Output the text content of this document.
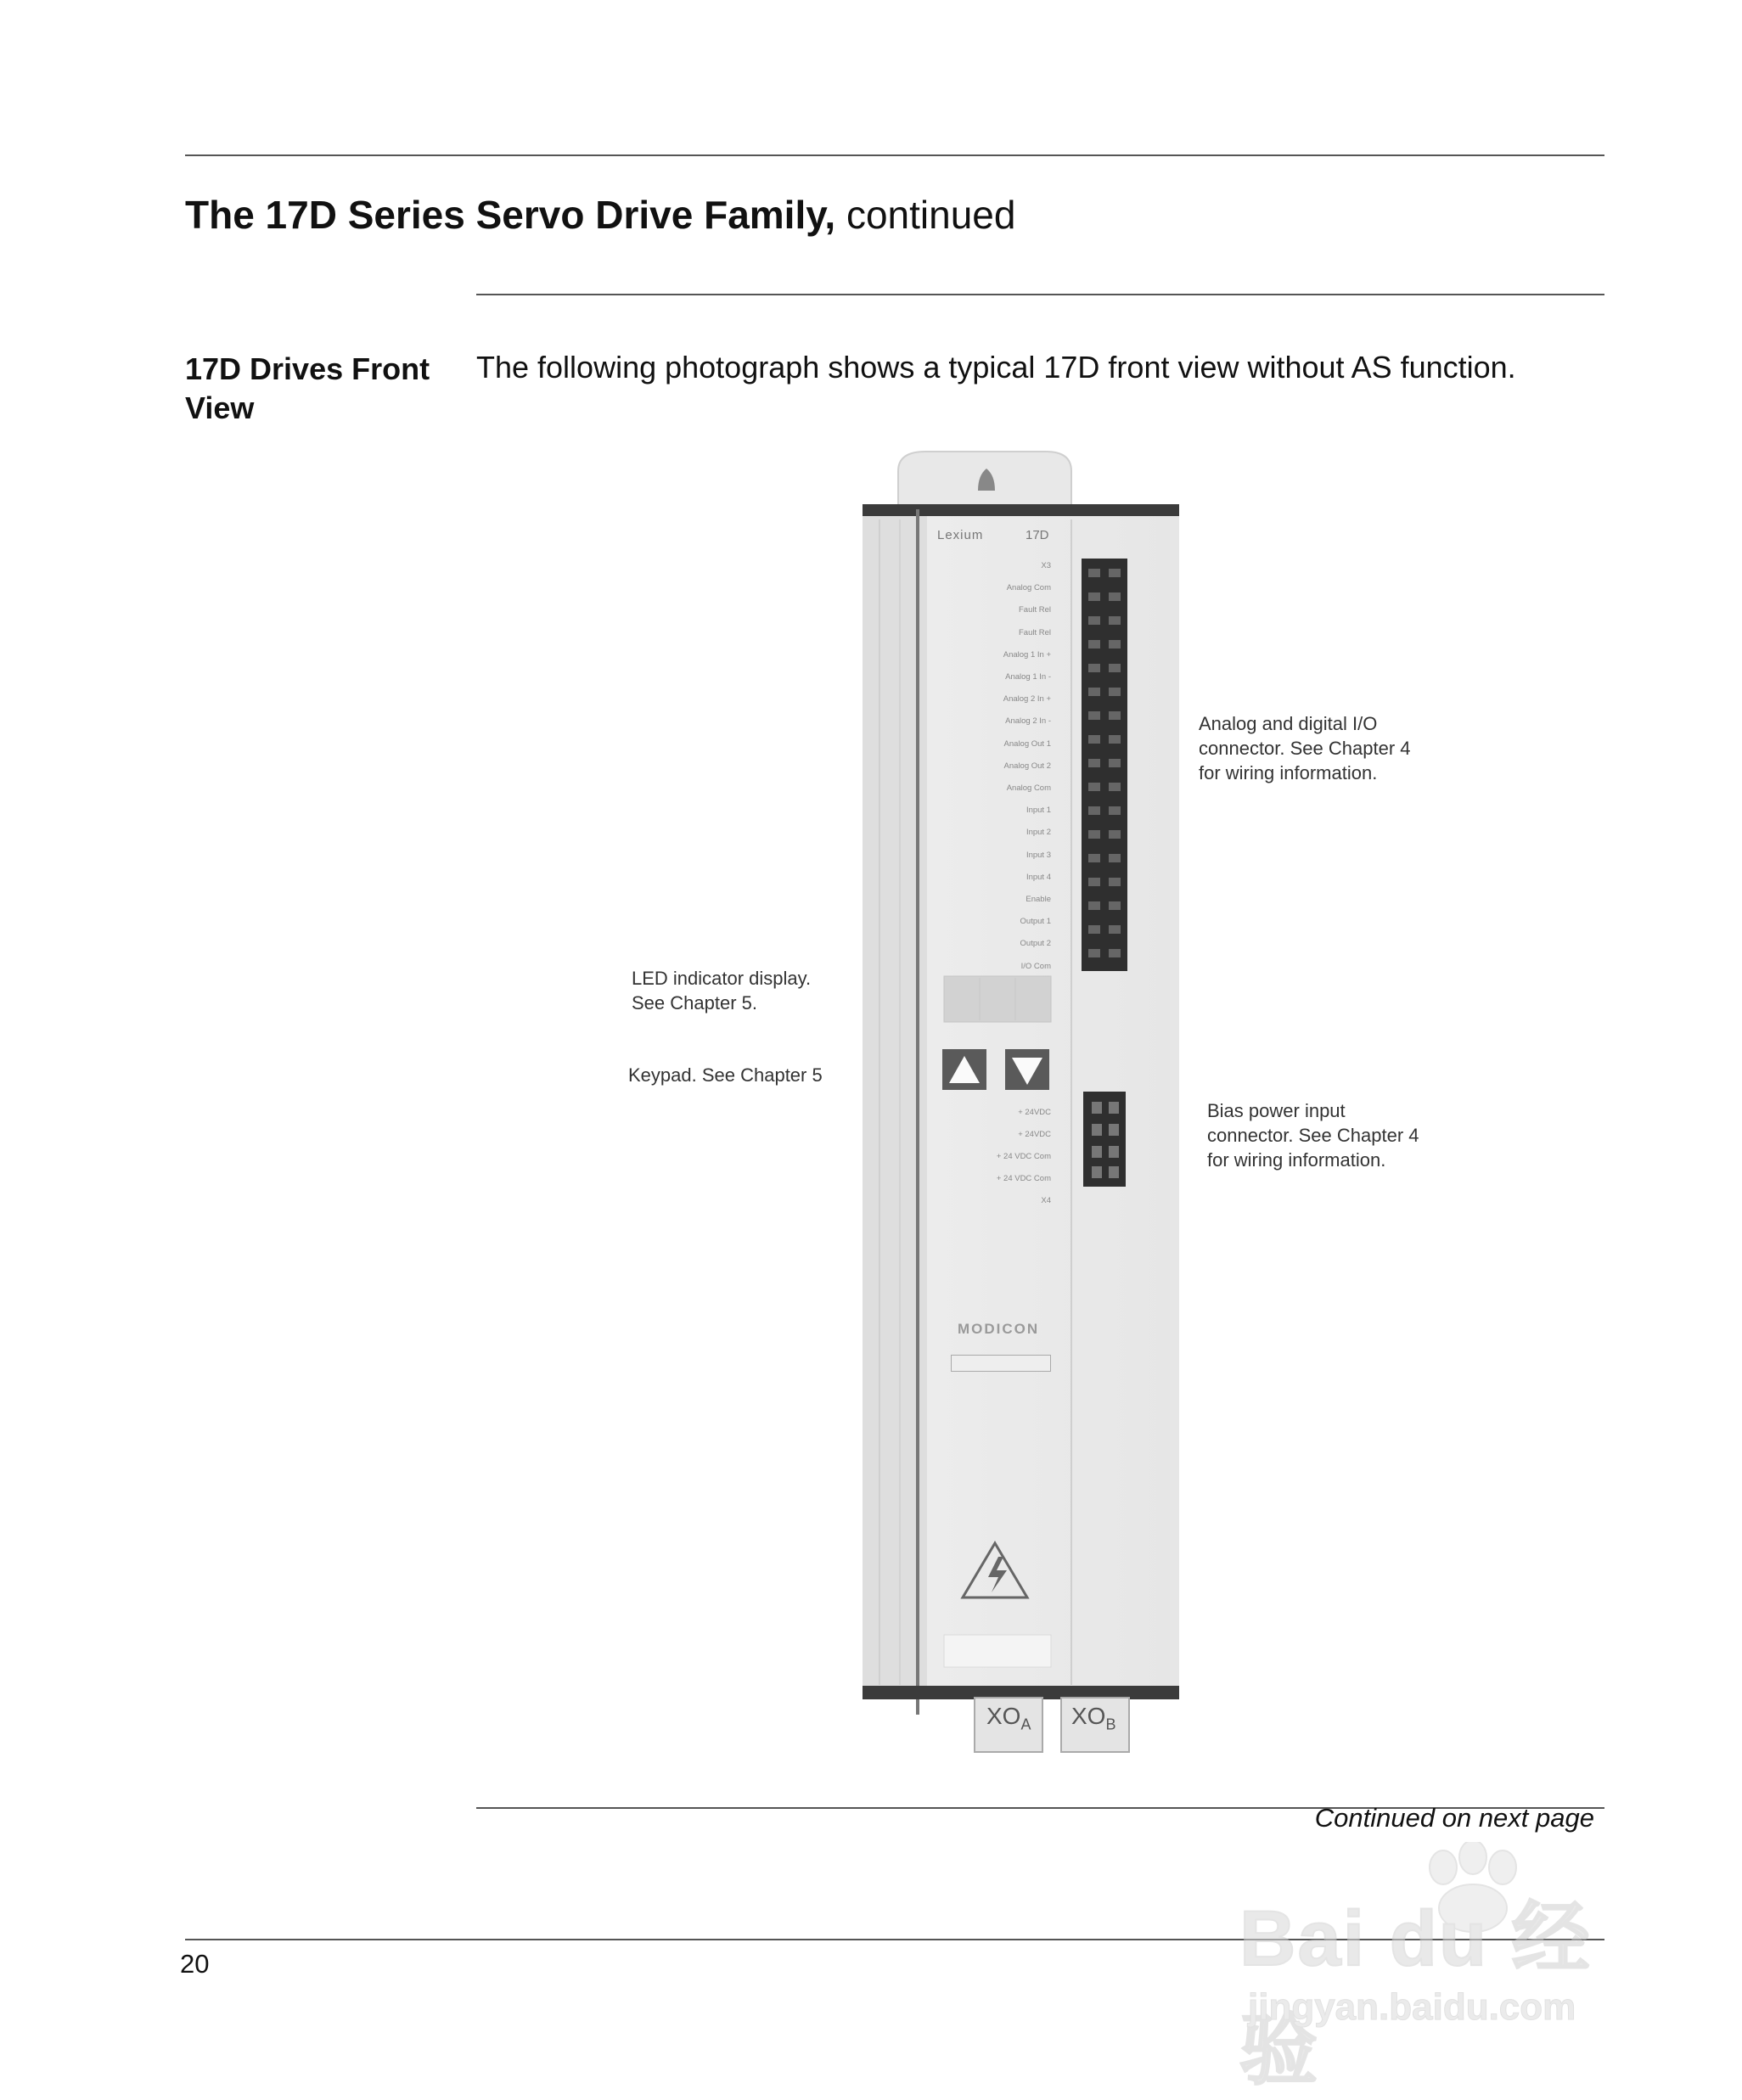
The 17D Series Servo Drive Family, continued
17D Drives Front View
The following photograph shows a typical 17D front view without AS function.
Lexium	17D
X3
Analog Com
Fault Rel
Fault Rel
Analog 1 In +
Analog 1 In -
Analog 2 In +
Analog 2 In -
Analog Out 1
Analog Out 2
Analog Com
Input 1
Input 2
Input 3
Input 4
Enable
Output 1
Output 2
I/O Com
+ 24VDC
+ 24VDC
+ 24 VDC Com
+ 24 VDC Com
X4
MODICON
$XO_A$ $XO_B$
Analog and digital I/O
connector. See Chapter 4
for wiring information.
LED indicator display.
See Chapter 5.
Keypad. See Chapter 5
Bias power input
connector. See Chapter 4
for wiring information.
Continued on next page
20	Bai du 经验
jingyan.baidu.com
